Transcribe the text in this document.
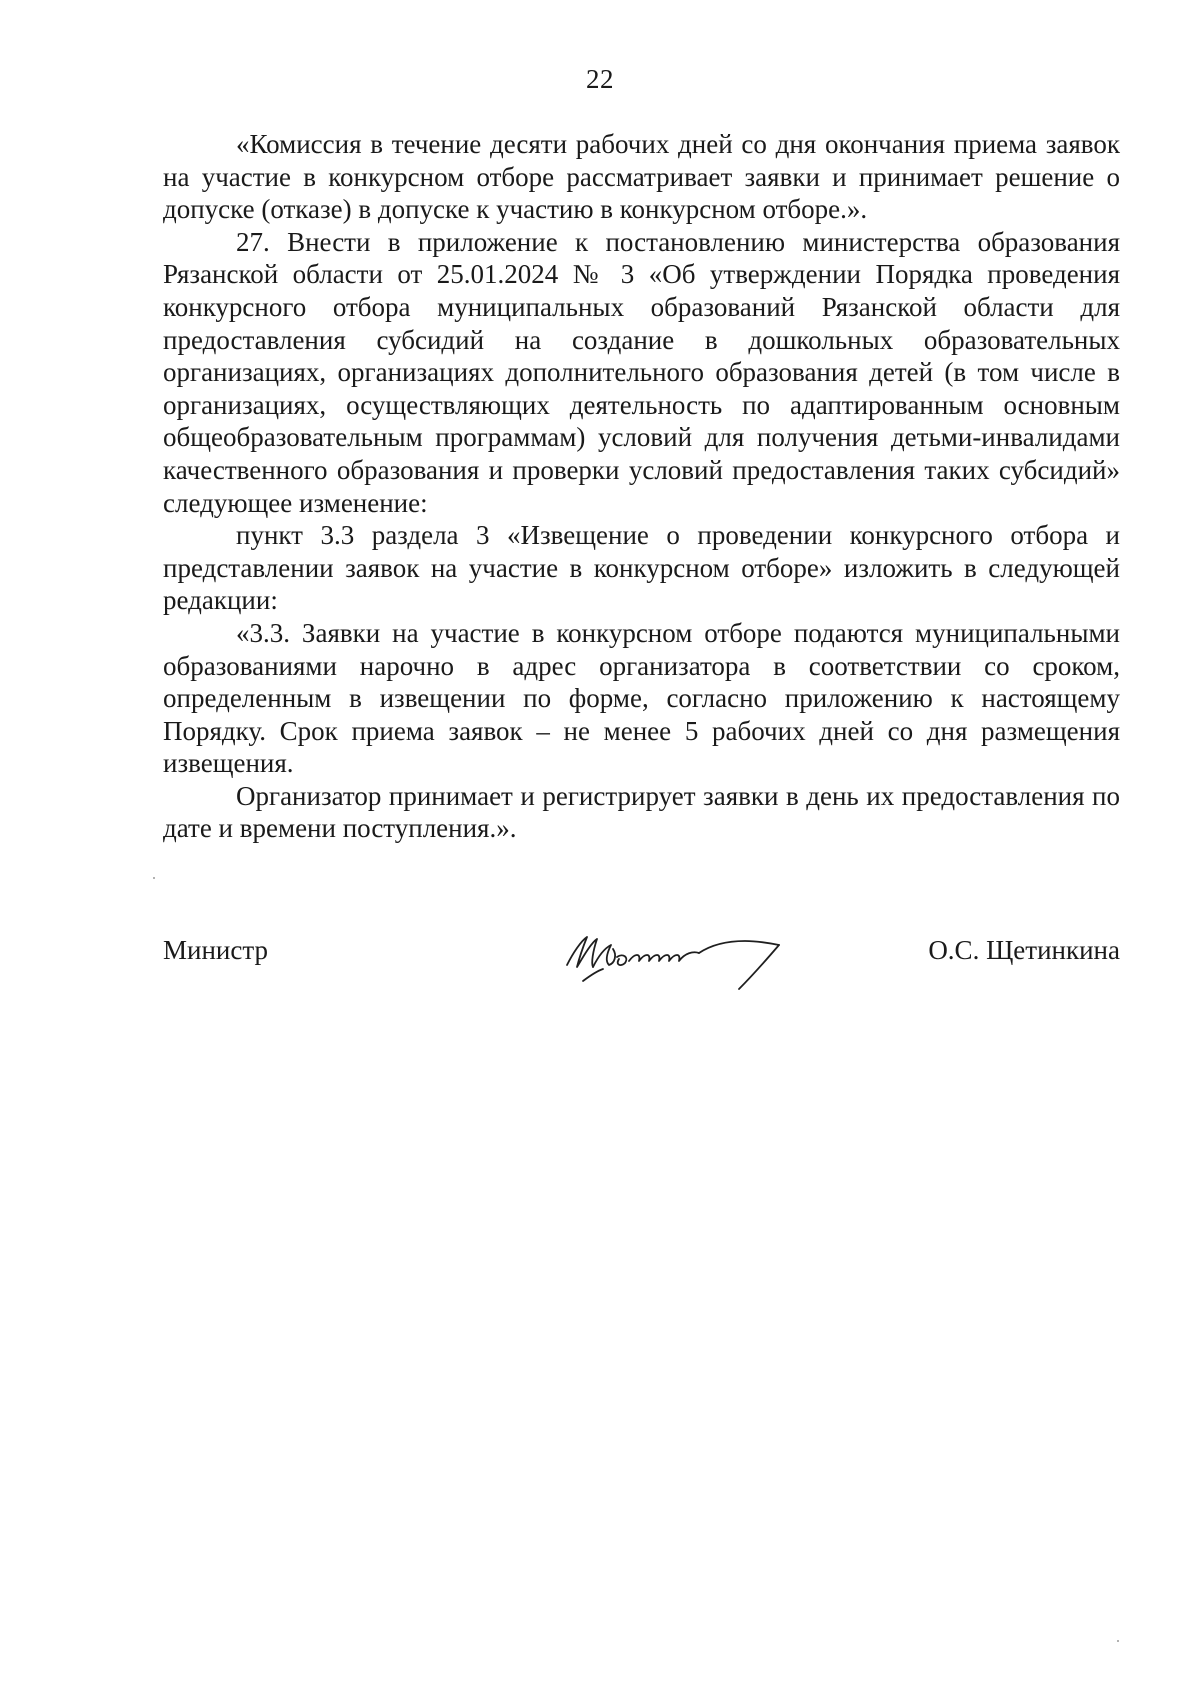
22

«Комиссия в течение десяти рабочих дней со дня окончания приема заявок на участие в конкурсном отборе рассматривает заявки и принимает решение о допуске (отказе) в допуске к участию в конкурсном отборе.».

27. Внести в приложение к постановлению министерства образования Рязанской области от 25.01.2024 № 3 «Об утверждении Порядка проведения конкурсного отбора муниципальных образований Рязанской области для предоставления субсидий на создание в дошкольных образовательных организациях, организациях дополнительного образования детей (в том числе в организациях, осуществляющих деятельность по адаптированным основным общеобразовательным программам) условий для получения детьми-инвалидами качественного образования и проверки условий предоставления таких субсидий» следующее изменение:

пункт 3.3 раздела 3 «Извещение о проведении конкурсного отбора и представлении заявок на участие в конкурсном отборе» изложить в следующей редакции:

«3.3. Заявки на участие в конкурсном отборе подаются муниципальными образованиями нарочно в адрес организатора в соответствии со сроком, определенным в извещении по форме, согласно приложению к настоящему Порядку. Срок приема заявок – не менее 5 рабочих дней со дня размещения извещения.

Организатор принимает и регистрирует заявки в день их предоставления по дате и времени поступления.».

Министр	О.С. Щетинкина
